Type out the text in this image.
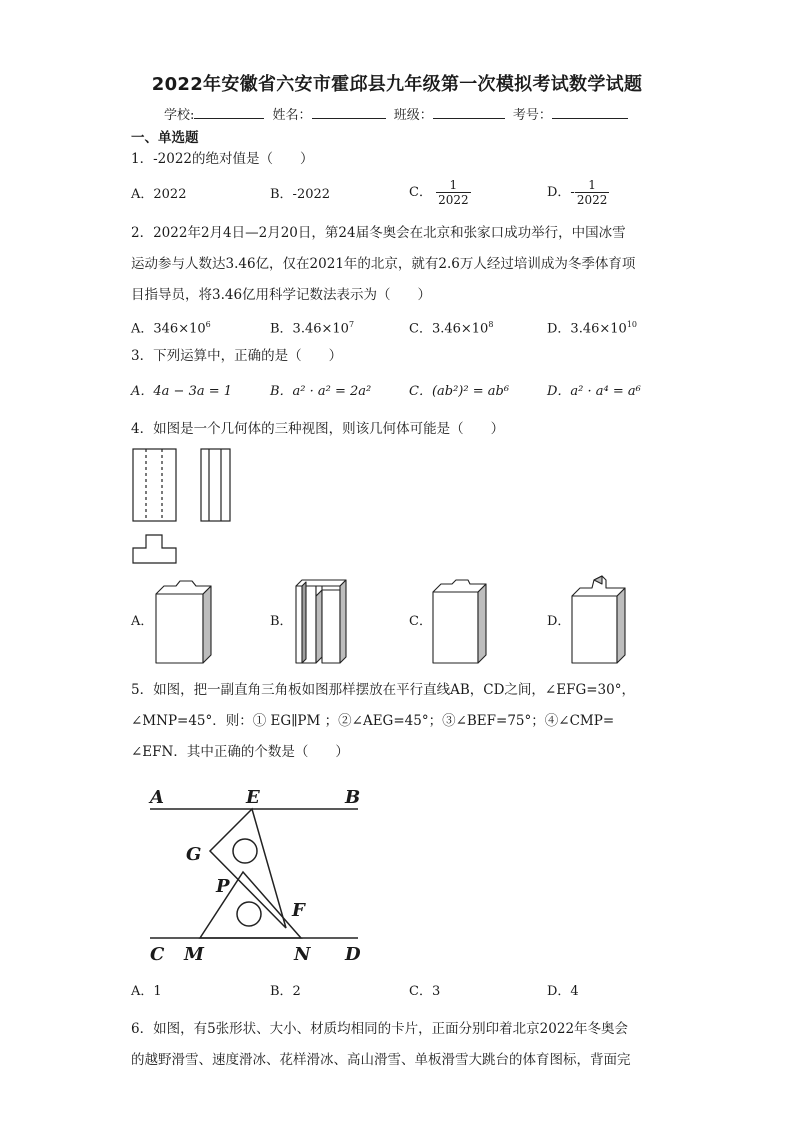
2022年安徽省六安市霍邱县九年级第一次模拟考试数学试题
学校:	姓名：	班级：	考号：
一、单选题
1．-2022的绝对值是（　　）
A．2022	B．-2022	C． $\frac{1}{2022}$	D．- $\frac{1}{2022}$
2．2022年2月4日—2月20日，第24届冬奥会在北京和张家口成功举行，中国冰雪
运动参与人数达3.46亿，仅在2021年的北京，就有2.6万人经过培训成为冬季体育项
目指导员，将3.46亿用科学记数法表示为（　　）
A．$346\times 10^6$	B．$3.46\times 10^7$	C．$3.46\times 10^8$	D．$3.46\times 10^{10}$
3．下列运算中，正确的是（　　）
A．4a − 3a = 1	B．a² · a² = 2a²	C．(ab²)² = ab⁶	D．a² · a⁴ = a⁶
4．如图是一个几何体的三种视图，则该几何体可能是（　　）
A．	B．	C．	D．
5．如图，把一副直角三角板如图那样摆放在平行直线AB，CD之间，∠EFG=30°，
∠MNP=45°．则：① EG∥PM ；②∠AEG=45°；③∠BEF=75°；④∠CMP=
∠EFN．其中正确的个数是（　　）
A	E	B
G
P
F
C M	N D
A．1	B．2	C．3	D．4
6．如图，有5张形状、大小、材质均相同的卡片，正面分别印着北京2022年冬奥会
的越野滑雪、速度滑冰、花样滑冰、高山滑雪、单板滑雪大跳台的体育图标，背面完
